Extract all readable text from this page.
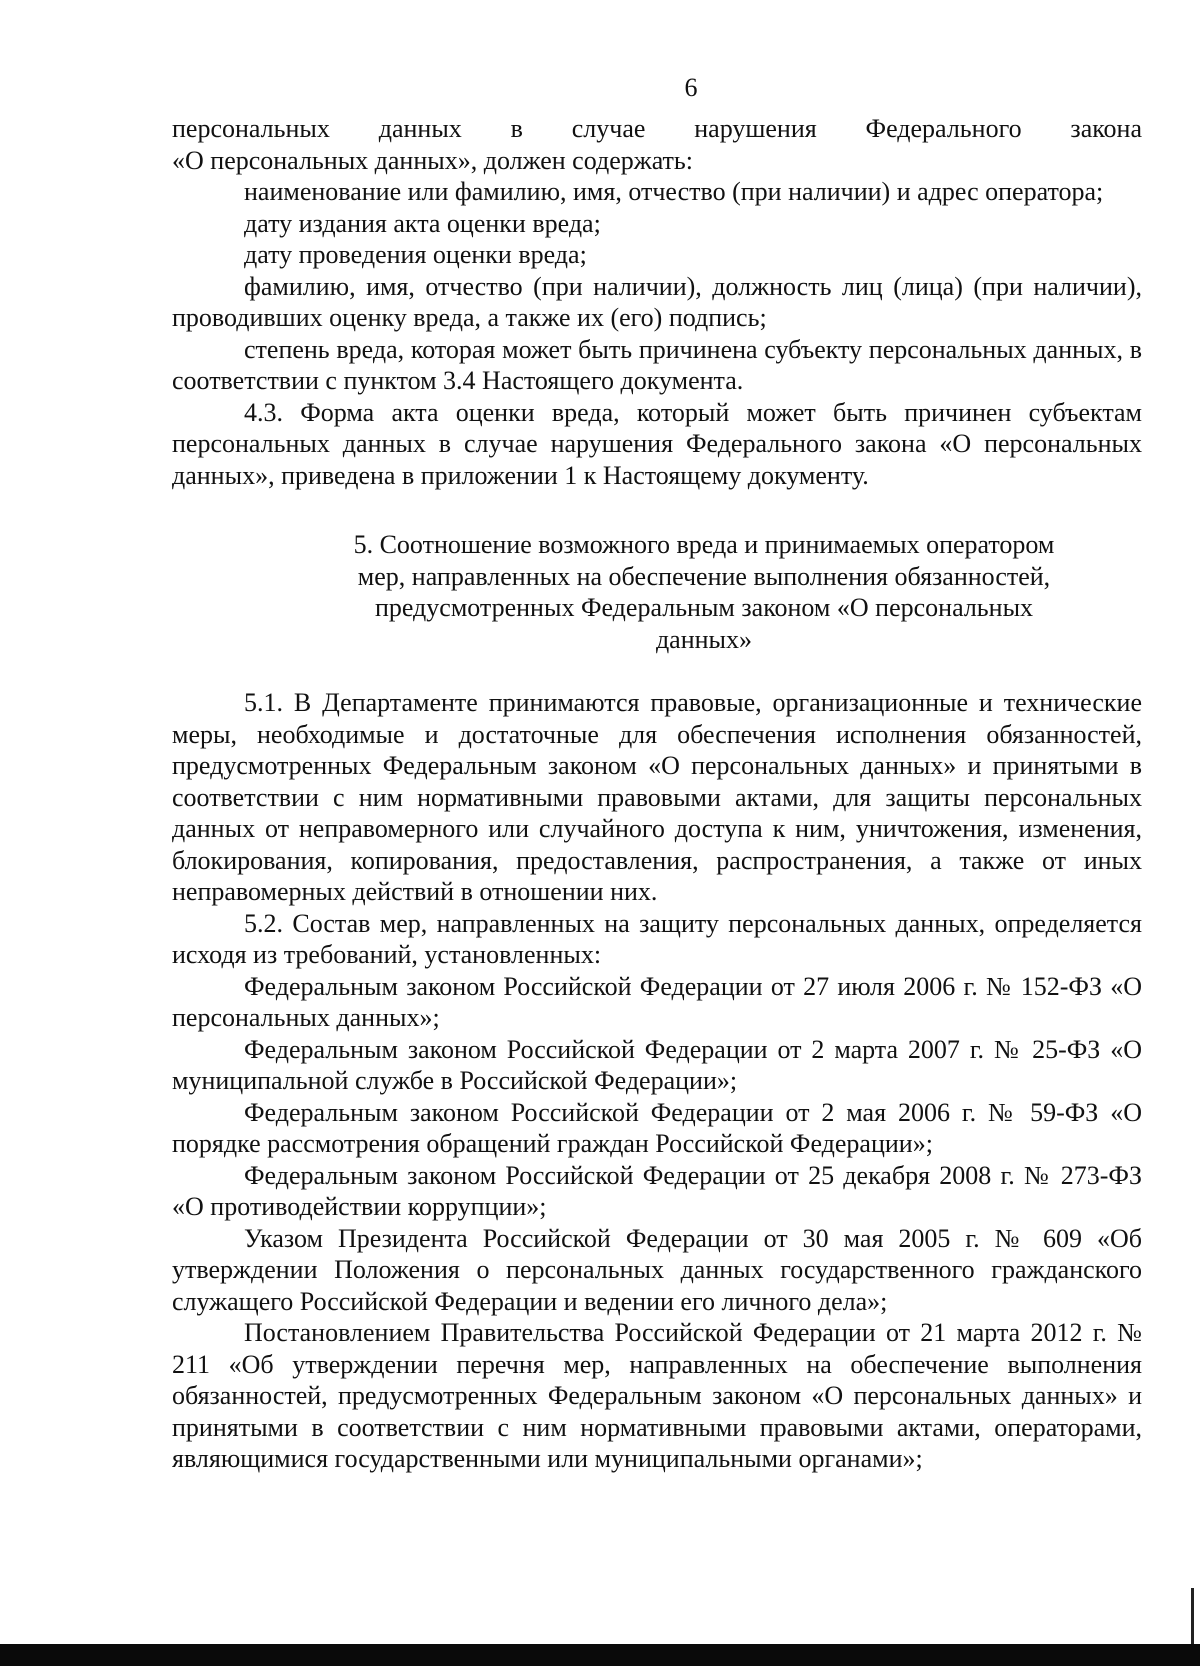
6

персональных данных в случае нарушения Федерального закона
«О персональных данных», должен содержать:

наименование или фамилию, имя, отчество (при наличии) и адрес оператора;

дату издания акта оценки вреда;

дату проведения оценки вреда;

фамилию, имя, отчество (при наличии), должность лиц (лица) (при наличии), проводивших оценку вреда, а также их (его) подпись;

степень вреда, которая может быть причинена субъекту персональных данных, в соответствии с пунктом 3.4 Настоящего документа.

4.3. Форма акта оценки вреда, который может быть причинен субъектам персональных данных в случае нарушения Федерального закона «О персональных данных», приведена в приложении 1 к Настоящему документу.

5. Соотношение возможного вреда и принимаемых оператором
мер, направленных на обеспечение выполнения обязанностей,
предусмотренных Федеральным законом «О персональных
данных»

5.1. В Департаменте принимаются правовые, организационные и технические меры, необходимые и достаточные для обеспечения исполнения обязанностей, предусмотренных Федеральным законом «О персональных данных» и принятыми в соответствии с ним нормативными правовыми актами, для защиты персональных данных от неправомерного или случайного доступа к ним, уничтожения, изменения, блокирования, копирования, предоставления, распространения, а также от иных неправомерных действий в отношении них.

5.2. Состав мер, направленных на защиту персональных данных, определяется исходя из требований, установленных:

Федеральным законом Российской Федерации от 27 июля 2006 г. № 152-ФЗ «О персональных данных»;

Федеральным законом Российской Федерации от 2 марта 2007 г. № 25-ФЗ «О муниципальной службе в Российской Федерации»;

Федеральным законом Российской Федерации от 2 мая 2006 г. № 59-ФЗ «О порядке рассмотрения обращений граждан Российской Федерации»;

Федеральным законом Российской Федерации от 25 декабря 2008 г. № 273-ФЗ «О противодействии коррупции»;

Указом Президента Российской Федерации от 30 мая 2005 г. № 609 «Об утверждении Положения о персональных данных государственного гражданского служащего Российской Федерации и ведении его личного дела»;

Постановлением Правительства Российской Федерации от 21 марта 2012 г. № 211 «Об утверждении перечня мер, направленных на обеспечение выполнения обязанностей, предусмотренных Федеральным законом «О персональных данных» и принятыми в соответствии с ним нормативными правовыми актами, операторами, являющимися государственными или муниципальными органами»;
